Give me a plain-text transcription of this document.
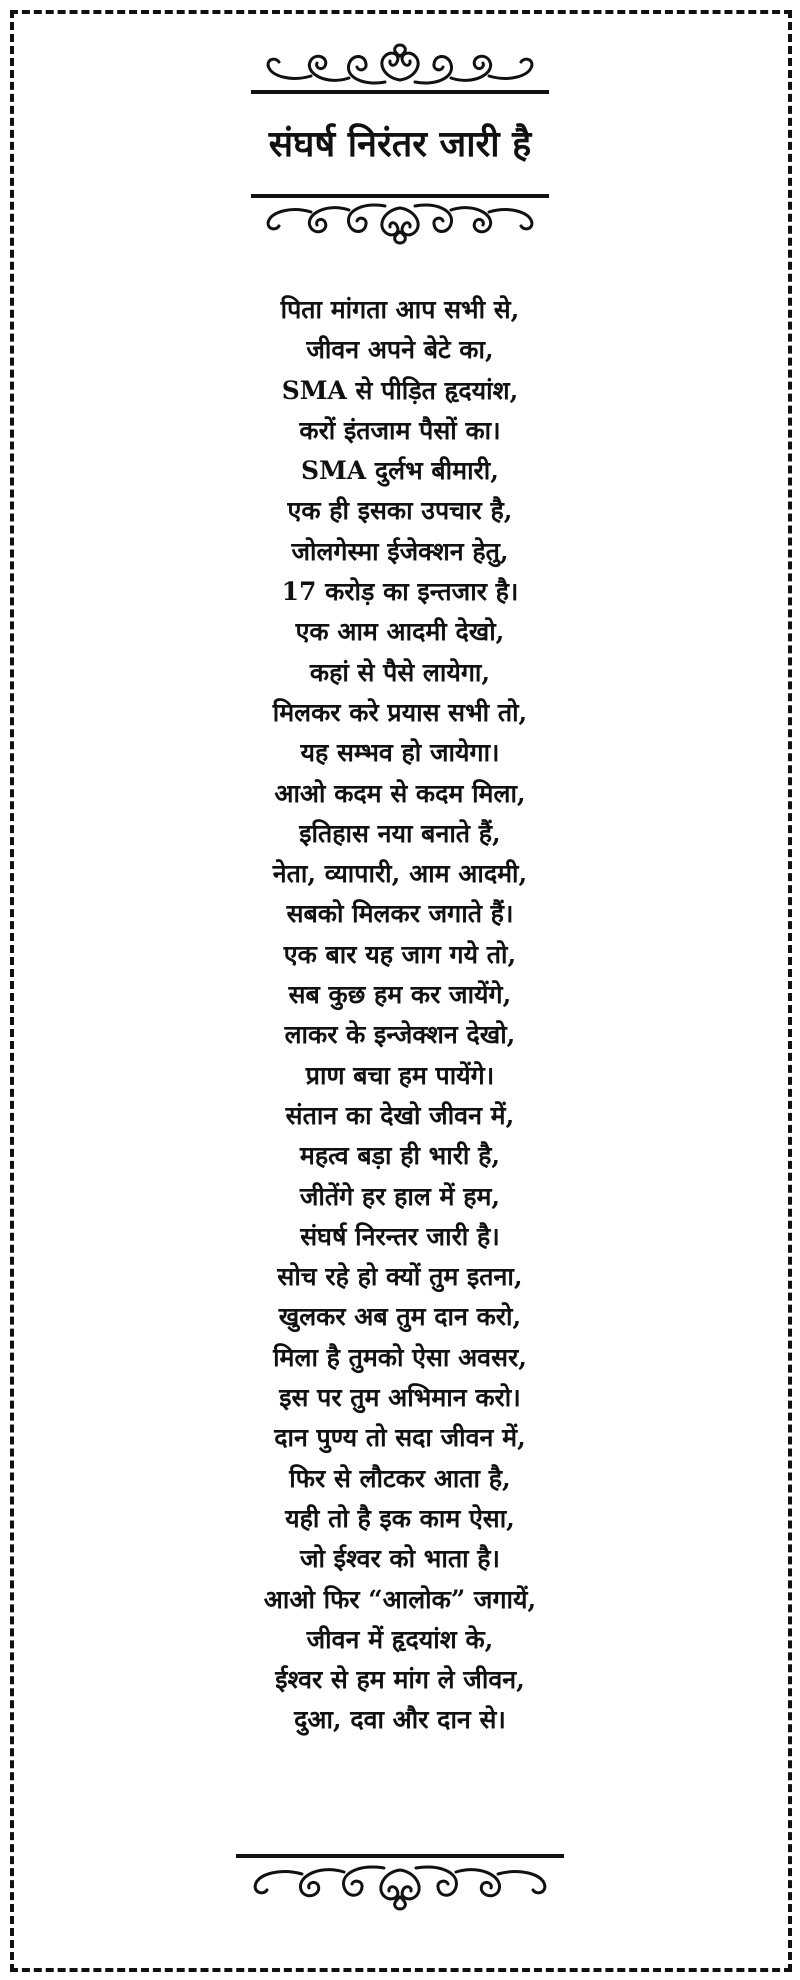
संघर्ष निरंतर जारी है
पिता मांगता आप सभी से,
जीवन अपने बेटे का,
SMA से पीड़ित हृदयांश,
करों इंतजाम पैसों का।
SMA दुर्लभ बीमारी,
एक ही इसका उपचार है,
जोलगेस्मा ईजेक्शन हेतु,
17 करोड़ का इन्तजार है।
एक आम आदमी देखो,
कहां से पैसे लायेगा,
मिलकर करे प्रयास सभी तो,
यह सम्भव हो जायेगा।
आओ कदम से कदम मिला,
इतिहास नया बनाते हैं,
नेता, व्यापारी, आम आदमी,
सबको मिलकर जगाते हैं।
एक बार यह जाग गये तो,
सब कुछ हम कर जायेंगे,
लाकर के इन्जेक्शन देखो,
प्राण बचा हम पायेंगे।
संतान का देखो जीवन में,
महत्व बड़ा ही भारी है,
जीतेंगे हर हाल में हम,
संघर्ष निरन्तर जारी है।
सोच रहे हो क्यों तुम इतना,
खुलकर अब तुम दान करो,
मिला है तुमको ऐसा अवसर,
इस पर तुम अभिमान करो।
दान पुण्य तो सदा जीवन में,
फिर से लौटकर आता है,
यही तो है इक काम ऐसा,
जो ईश्वर को भाता है।
आओ फिर “आलोक” जगायें,
जीवन में हृदयांश के,
ईश्वर से हम मांग ले जीवन,
दुआ, दवा और दान से।
